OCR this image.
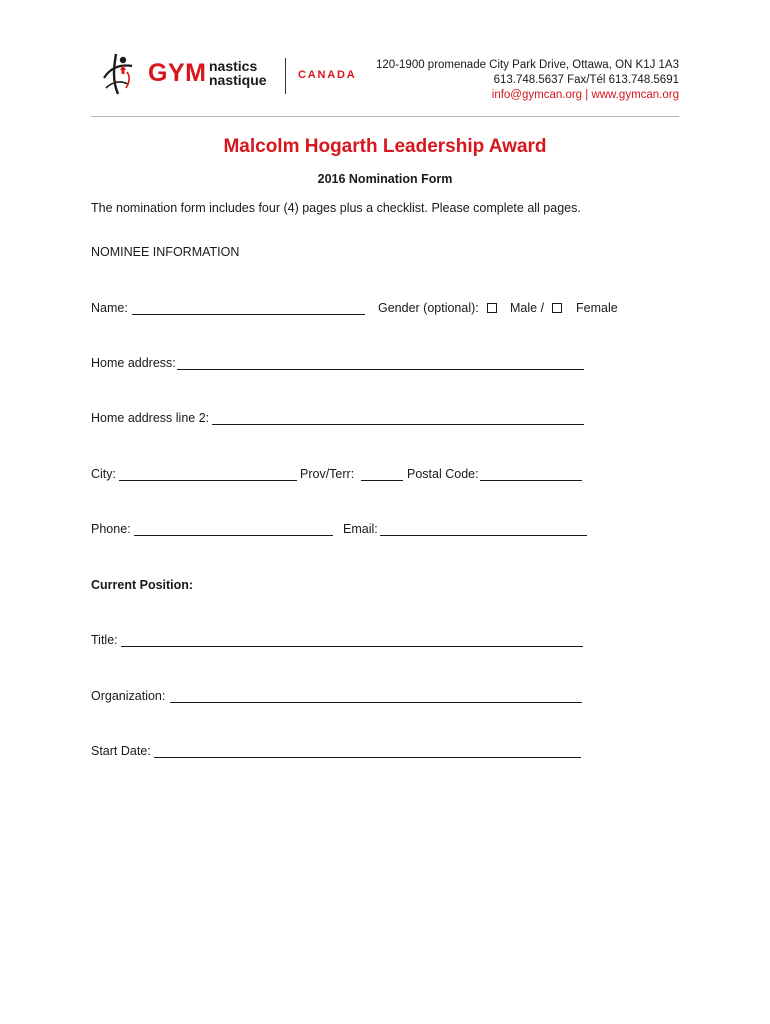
GYM nastics
nastique	CANADA
120-1900 promenade City Park Drive, Ottawa, ON K1J 1A3
613.748.5637 Fax/Tél 613.748.5691
info@gymcan.org | www.gymcan.org
Malcolm Hogarth Leadership Award
2016 Nomination Form
The nomination form includes four (4) pages plus a checklist. Please complete all pages.
NOMINEE INFORMATION
Name:	Gender (optional): Male /	Female
Home address:
Home address line 2:
City:	Prov/Terr:	Postal Code:
Phone:	Email:
Current Position:
Title:
Organization:
Start Date:
